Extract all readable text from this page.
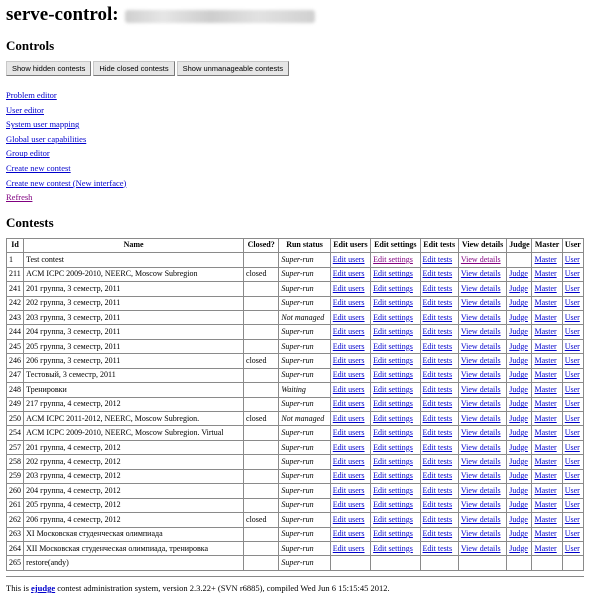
serve-control:
Controls
Show hidden contests	Hide closed contests	Show unmanageable contests
Problem editor
User editor
System user mapping
Global user capabilities
Group editor
Create new contest
Create new contest (New interface)
Refresh
Contests
Id	Name	Closed?	Run status	Edit users	Edit settings	Edit tests	View details	Judge	Master	User
1	Test contest		Super-run	Edit users	Edit settings	Edit tests	View details		Master	User
211	ACM ICPC 2009-2010, NEERC, Moscow Subregion	closed	Super-run	Edit users	Edit settings	Edit tests	View details	Judge	Master	User
241	201 группа, 3 семестр, 2011		Super-run	Edit users	Edit settings	Edit tests	View details	Judge	Master	User
242	202 группа, 3 семестр, 2011		Super-run	Edit users	Edit settings	Edit tests	View details	Judge	Master	User
243	203 группа, 3 семестр, 2011		Not managed	Edit users	Edit settings	Edit tests	View details	Judge	Master	User
244	204 группа, 3 семестр, 2011		Super-run	Edit users	Edit settings	Edit tests	View details	Judge	Master	User
245	205 группа, 3 семестр, 2011		Super-run	Edit users	Edit settings	Edit tests	View details	Judge	Master	User
246	206 группа, 3 семестр, 2011	closed	Super-run	Edit users	Edit settings	Edit tests	View details	Judge	Master	User
247	Тестовый, 3 семестр, 2011		Super-run	Edit users	Edit settings	Edit tests	View details	Judge	Master	User
248	Тренировки		Waiting	Edit users	Edit settings	Edit tests	View details	Judge	Master	User
249	217 группа, 4 семестр, 2012		Super-run	Edit users	Edit settings	Edit tests	View details	Judge	Master	User
250	ACM ICPC 2011-2012, NEERC, Moscow Subregion.	closed	Not managed	Edit users	Edit settings	Edit tests	View details	Judge	Master	User
254	ACM ICPC 2009-2010, NEERC, Moscow Subregion. Virtual		Super-run	Edit users	Edit settings	Edit tests	View details	Judge	Master	User
257	201 группа, 4 семестр, 2012		Super-run	Edit users	Edit settings	Edit tests	View details	Judge	Master	User
258	202 группа, 4 семестр, 2012		Super-run	Edit users	Edit settings	Edit tests	View details	Judge	Master	User
259	203 группа, 4 семестр, 2012		Super-run	Edit users	Edit settings	Edit tests	View details	Judge	Master	User
260	204 группа, 4 семестр, 2012		Super-run	Edit users	Edit settings	Edit tests	View details	Judge	Master	User
261	205 группа, 4 семестр, 2012		Super-run	Edit users	Edit settings	Edit tests	View details	Judge	Master	User
262	206 группа, 4 семестр, 2012	closed	Super-run	Edit users	Edit settings	Edit tests	View details	Judge	Master	User
263	XI Московская студенческая олимпиада		Super-run	Edit users	Edit settings	Edit tests	View details	Judge	Master	User
264	XII Московская студенческая олимпиада, тренировка		Super-run	Edit users	Edit settings	Edit tests	View details	Judge	Master	User
265	restore(andy)		Super-run							
This is ejudge contest administration system, version 2.3.22+ (SVN r6885), compiled Wed Jun 6 15:15:45 2012.
